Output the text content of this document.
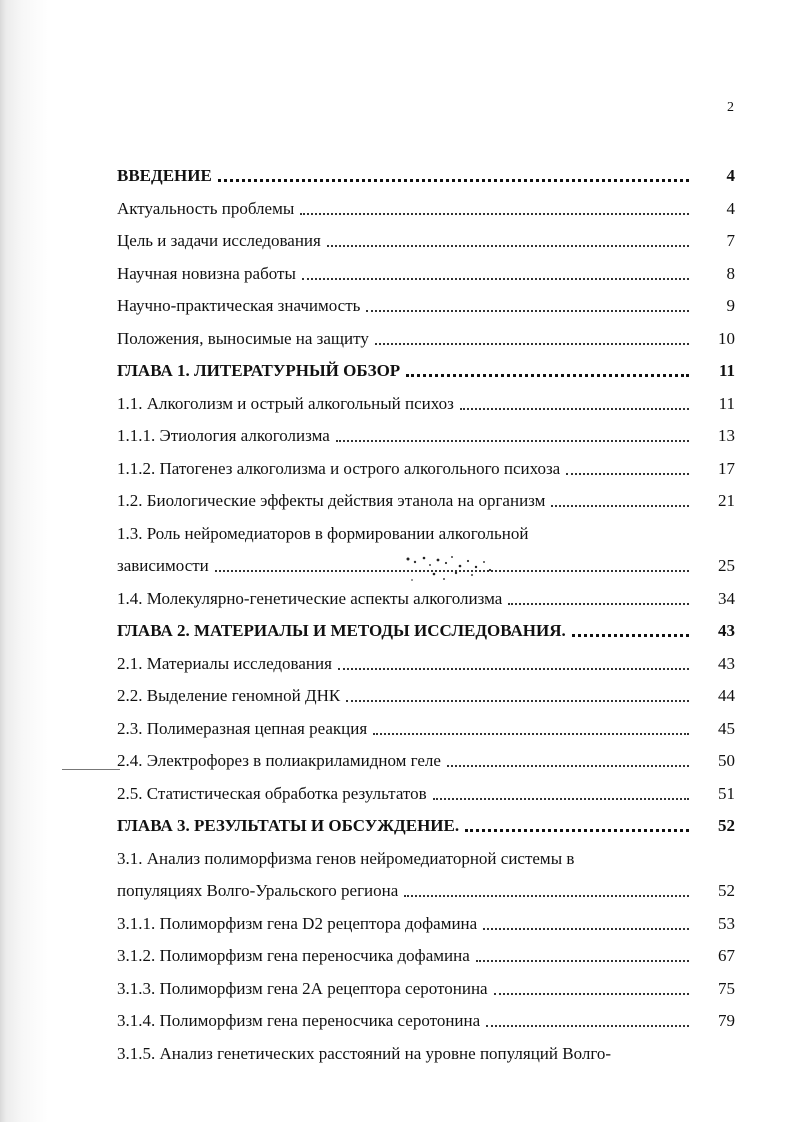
2
ВВЕДЕНИЕ	4
Актуальность проблемы	4
Цель и задачи исследования	7
Научная новизна работы	8
Научно-практическая значимость	9
Положения, выносимые на защиту	10
ГЛАВА 1. ЛИТЕРАТУРНЫЙ ОБЗОР	11
1.1. Алкоголизм и острый алкогольный психоз	11
1.1.1. Этиология алкоголизма	13
1.1.2. Патогенез алкоголизма и острого алкогольного психоза	17
1.2. Биологические эффекты действия этанола на организм	21
1.3. Роль нейромедиаторов в формировании алкогольной
зависимости	25
1.4. Молекулярно-генетические аспекты алкоголизма	34
ГЛАВА 2. МАТЕРИАЛЫ И МЕТОДЫ ИССЛЕДОВАНИЯ.	43
2.1. Материалы исследования	43
2.2. Выделение геномной ДНК	44
2.3. Полимеразная цепная реакция	45
2.4. Электрофорез в полиакриламидном геле	50
2.5. Статистическая обработка результатов	51
ГЛАВА 3. РЕЗУЛЬТАТЫ И ОБСУЖДЕНИЕ.	52
3.1. Анализ полиморфизма генов нейромедиаторной системы в
популяциях Волго-Уральского региона	52
3.1.1. Полиморфизм гена D2 рецептора дофамина	53
3.1.2. Полиморфизм гена переносчика дофамина	67
3.1.3. Полиморфизм гена 2А рецептора серотонина	75
3.1.4. Полиморфизм гена переносчика серотонина	79
3.1.5. Анализ генетических расстояний на уровне популяций Волго-
